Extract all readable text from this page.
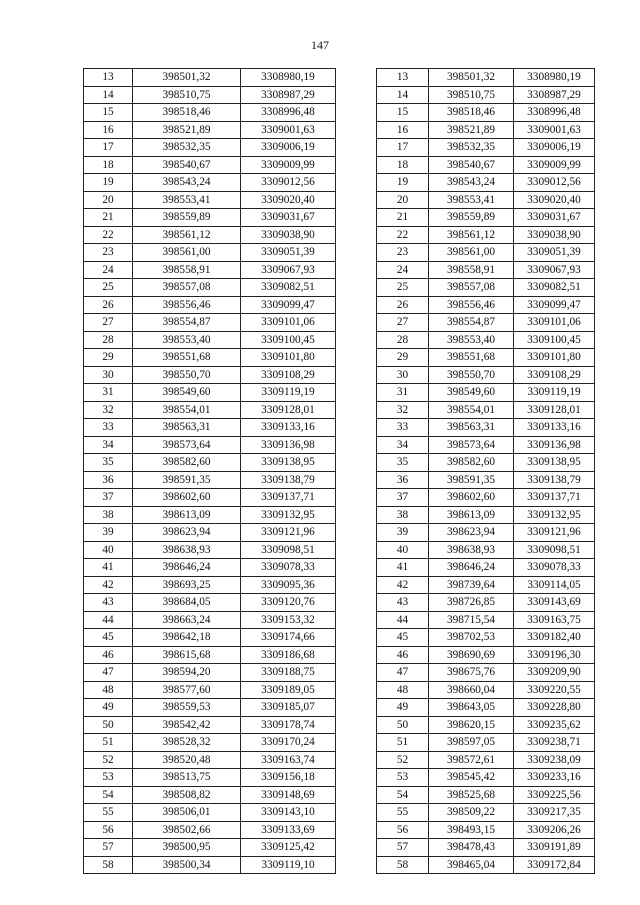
147
13	398501,32	3308980,19
14	398510,75	3308987,29
15	398518,46	3308996,48
16	398521,89	3309001,63
17	398532,35	3309006,19
18	398540,67	3309009,99
19	398543,24	3309012,56
20	398553,41	3309020,40
21	398559,89	3309031,67
22	398561,12	3309038,90
23	398561,00	3309051,39
24	398558,91	3309067,93
25	398557,08	3309082,51
26	398556,46	3309099,47
27	398554,87	3309101,06
28	398553,40	3309100,45
29	398551,68	3309101,80
30	398550,70	3309108,29
31	398549,60	3309119,19
32	398554,01	3309128,01
33	398563,31	3309133,16
34	398573,64	3309136,98
35	398582,60	3309138,95
36	398591,35	3309138,79
37	398602,60	3309137,71
38	398613,09	3309132,95
39	398623,94	3309121,96
40	398638,93	3309098,51
41	398646,24	3309078,33
42	398693,25	3309095,36
43	398684,05	3309120,76
44	398663,24	3309153,32
45	398642,18	3309174,66
46	398615,68	3309186,68
47	398594,20	3309188,75
48	398577,60	3309189,05
49	398559,53	3309185,07
50	398542,42	3309178,74
51	398528,32	3309170,24
52	398520,48	3309163,74
53	398513,75	3309156,18
54	398508,82	3309148,69
55	398506,01	3309143,10
56	398502,66	3309133,69
57	398500,95	3309125,42
58	398500,34	3309119,10
13	398501,32	3308980,19
14	398510,75	3308987,29
15	398518,46	3308996,48
16	398521,89	3309001,63
17	398532,35	3309006,19
18	398540,67	3309009,99
19	398543,24	3309012,56
20	398553,41	3309020,40
21	398559,89	3309031,67
22	398561,12	3309038,90
23	398561,00	3309051,39
24	398558,91	3309067,93
25	398557,08	3309082,51
26	398556,46	3309099,47
27	398554,87	3309101,06
28	398553,40	3309100,45
29	398551,68	3309101,80
30	398550,70	3309108,29
31	398549,60	3309119,19
32	398554,01	3309128,01
33	398563,31	3309133,16
34	398573,64	3309136,98
35	398582,60	3309138,95
36	398591,35	3309138,79
37	398602,60	3309137,71
38	398613,09	3309132,95
39	398623,94	3309121,96
40	398638,93	3309098,51
41	398646,24	3309078,33
42	398739,64	3309114,05
43	398726,85	3309143,69
44	398715,54	3309163,75
45	398702,53	3309182,40
46	398690,69	3309196,30
47	398675,76	3309209,90
48	398660,04	3309220,55
49	398643,05	3309228,80
50	398620,15	3309235,62
51	398597,05	3309238,71
52	398572,61	3309238,09
53	398545,42	3309233,16
54	398525,68	3309225,56
55	398509,22	3309217,35
56	398493,15	3309206,26
57	398478,43	3309191,89
58	398465,04	3309172,84
